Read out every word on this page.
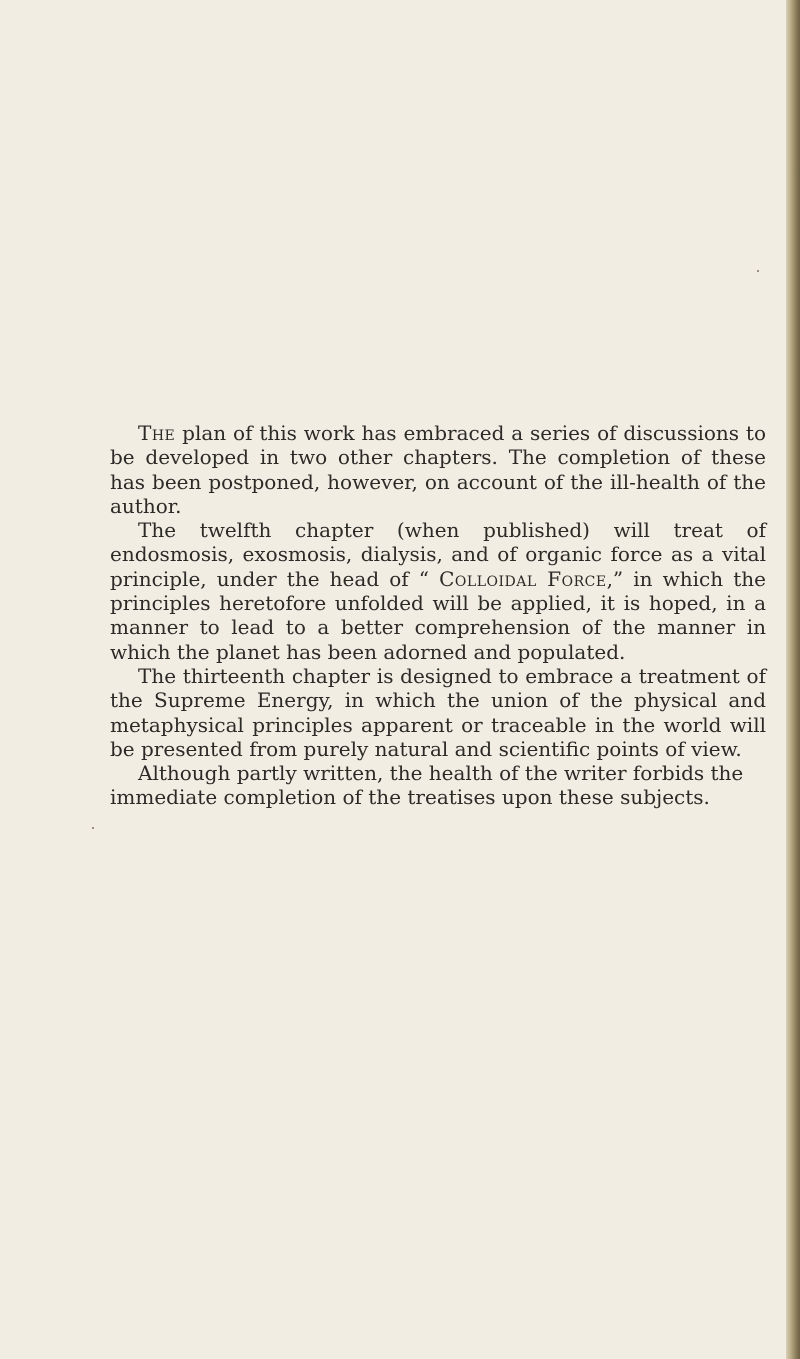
The plan of this work has embraced a series of discussions to be developed in two other chapters. The completion of these has been postponed, however, on account of the ill-health of the author.

The twelfth chapter (when published) will treat of endosmosis, exosmosis, dialysis, and of organic force as a vital principle, under the head of “ Colloidal Force,” in which the principles heretofore unfolded will be applied, it is hoped, in a manner to lead to a better comprehension of the manner in which the planet has been adorned and populated.

The thirteenth chapter is designed to embrace a treatment of the Supreme Energy, in which the union of the physical and metaphysical principles apparent or traceable in the world will be presented from purely natural and scientific points of view.

Although partly written, the health of the writer forbids the immediate completion of the treatises upon these subjects.
